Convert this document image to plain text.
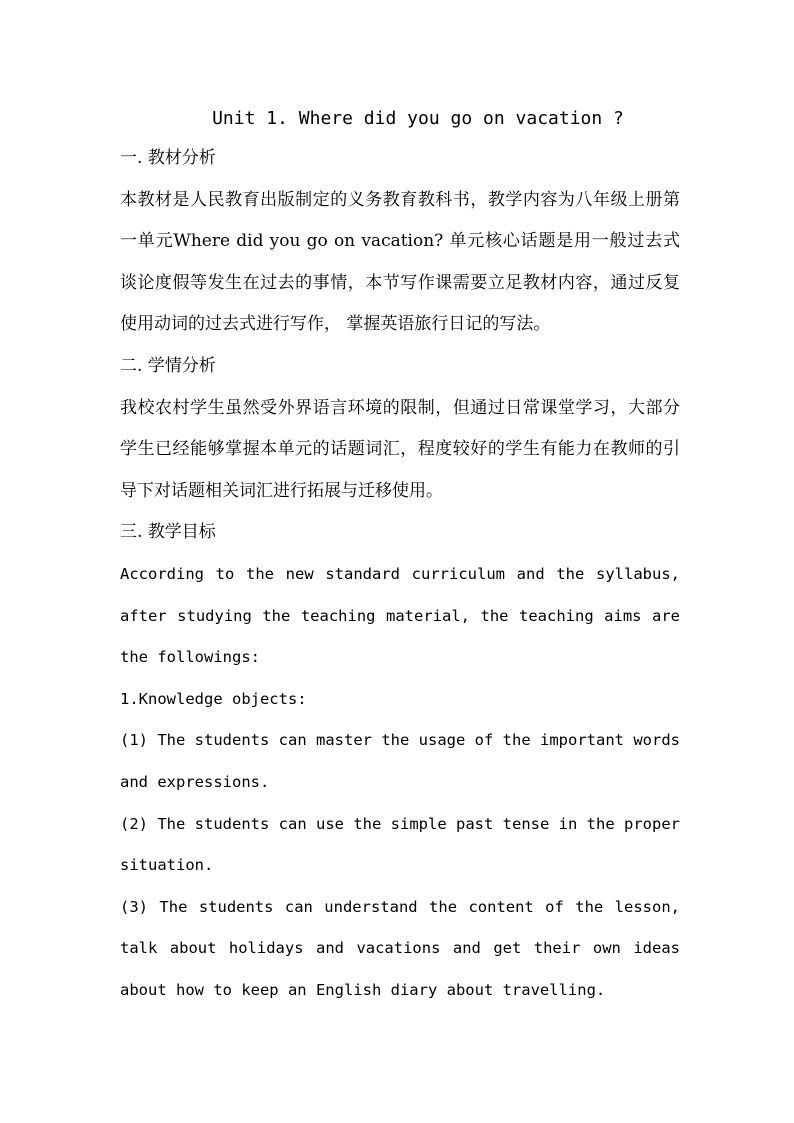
Unit 1. Where did you go on vacation ?
一. 教材分析

本教材是人民教育出版制定的义务教育教科书，教学内容为八年级上册第一单元Where did you go on vacation? 单元核心话题是用一般过去式谈论度假等发生在过去的事情，本节写作课需要立足教材内容，通过反复使用动词的过去式进行写作， 掌握英语旅行日记的写法。

二. 学情分析

我校农村学生虽然受外界语言环境的限制，但通过日常课堂学习，大部分学生已经能够掌握本单元的话题词汇，程度较好的学生有能力在教师的引导下对话题相关词汇进行拓展与迁移使用。

三. 教学目标

According to the new standard curriculum and the syllabus, after studying the teaching material, the teaching aims are the followings:

1.Knowledge objects:

(1) The students can master the usage of the important words and expressions.

(2) The students can use the simple past tense in the proper situation.

(3) The students can understand the content of the lesson, talk about holidays and vacations and get their own ideas about how to keep an English diary about travelling.
